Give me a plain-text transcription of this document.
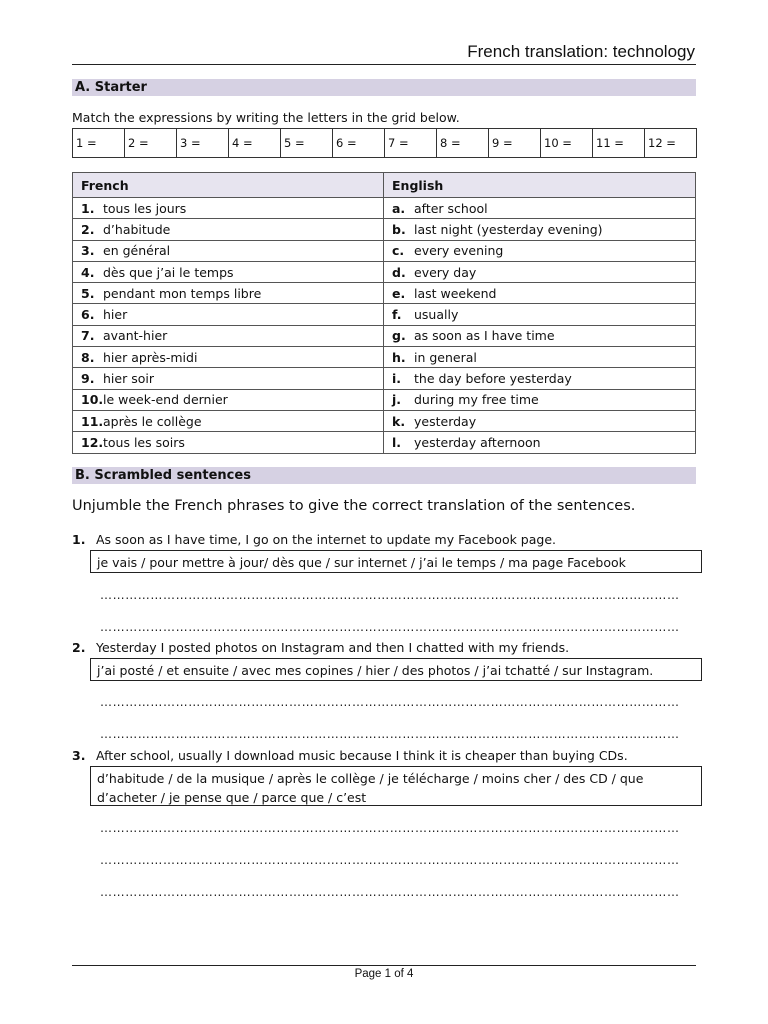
French translation: technology
A. Starter
Match the expressions by writing the letters in the grid below.
1 =	2 =	3 =	4 =	5 =	6 =	7 =	8 =	9 =	10 =	11 =	12 =
French	English
1. tous les jours	a. after school
2. d’habitude	b. last night (yesterday evening)
3. en général	c. every evening
4. dès que j’ai le temps	d. every day
5. pendant mon temps libre	e. last weekend
6. hier	f. usually
7. avant-hier	g. as soon as I have time
8. hier après-midi	h. in general
9. hier soir	i. the day before yesterday
10.le week-end dernier	j. during my free time
11.après le collège	k. yesterday
12.tous les soirs	l. yesterday afternoon
B. Scrambled sentences
Unjumble the French phrases to give the correct translation of the sentences.
1. As soon as I have time, I go on the internet to update my Facebook page.
je vais / pour mettre à jour/ dès que / sur internet / j’ai le temps / ma page Facebook
…………………………………………………………………………………………………………………………
…………………………………………………………………………………………………………………………
2. Yesterday I posted photos on Instagram and then I chatted with my friends.
j’ai posté / et ensuite / avec mes copines / hier / des photos / j’ai tchatté / sur Instagram.
…………………………………………………………………………………………………………………………
…………………………………………………………………………………………………………………………
3. After school, usually I download music because I think it is cheaper than buying CDs.
d’habitude / de la musique / après le collège / je télécharge / moins cher / des CD / que d’acheter / je pense que / parce que / c’est
…………………………………………………………………………………………………………………………
…………………………………………………………………………………………………………………………
…………………………………………………………………………………………………………………………
Page 1 of 4
